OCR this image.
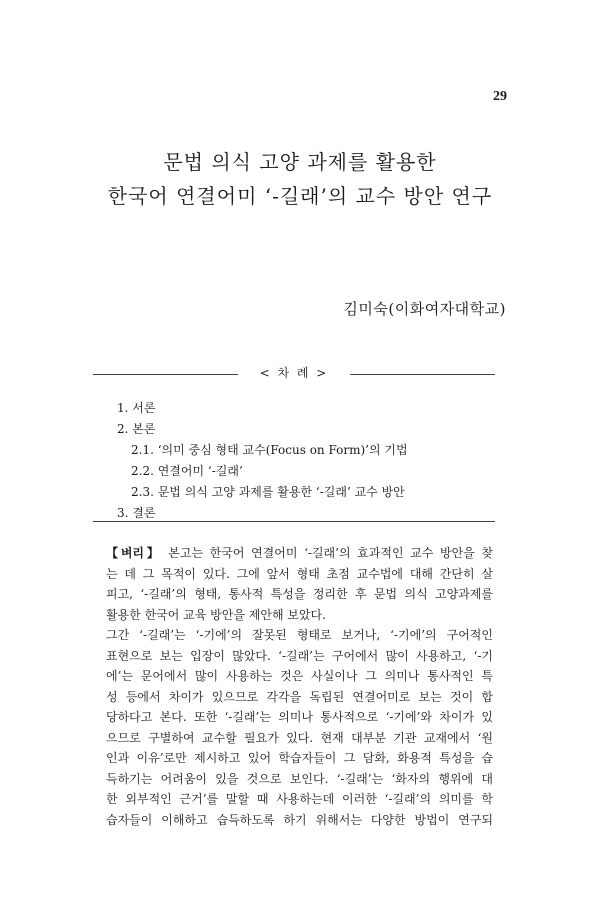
29
문법 의식 고양 과제를 활용한
한국어 연결어미 ‘-길래’의 교수 방안 연구
김미숙(이화여자대학교)
< 차 례 >
1. 서론
2. 본론
2.1. ‘의미 중심 형태 교수(Focus on Form)’의 기법
2.2. 연결어미 ‘-길래’
2.3. 문법 의식 고양 과제를 활용한 ‘-길래’ 교수 방안
3. 결론

【벼리】 본고는 한국어 연결어미 ‘-길래’의 효과적인 교수 방안을 찾

는 데 그 목적이 있다. 그에 앞서 형태 초점 교수법에 대해 간단히 살

피고, ‘-길래’의 형태, 통사적 특성을 정리한 후 문법 의식 고양과제를

활용한 한국어 교육 방안을 제안해 보았다.

그간 ‘-길래’는 ‘-기에’의 잘못된 형태로 보거나, ‘-기에’의 구어적인

표현으로 보는 입장이 많았다. ‘-길래’는 구어에서 많이 사용하고, ‘-기

에’는 문어에서 많이 사용하는 것은 사실이나 그 의미나 통사적인 특

성 등에서 차이가 있으므로 각각을 독립된 연결어미로 보는 것이 합

당하다고 본다. 또한 ‘-길래’는 의미나 통사적으로 ‘-기에’와 차이가 있

으므로 구별하여 교수할 필요가 있다. 현재 대부분 기관 교재에서 ‘원

인과 이유’로만 제시하고 있어 학습자들이 그 담화, 화용적 특성을 습

득하기는 어려움이 있을 것으로 보인다. ‘-길래’는 ‘화자의 행위에 대

한 외부적인 근거’를 말할 때 사용하는데 이러한 ‘-길래’의 의미를 학

습자들이 이해하고 습득하도록 하기 위해서는 다양한 방법이 연구되
